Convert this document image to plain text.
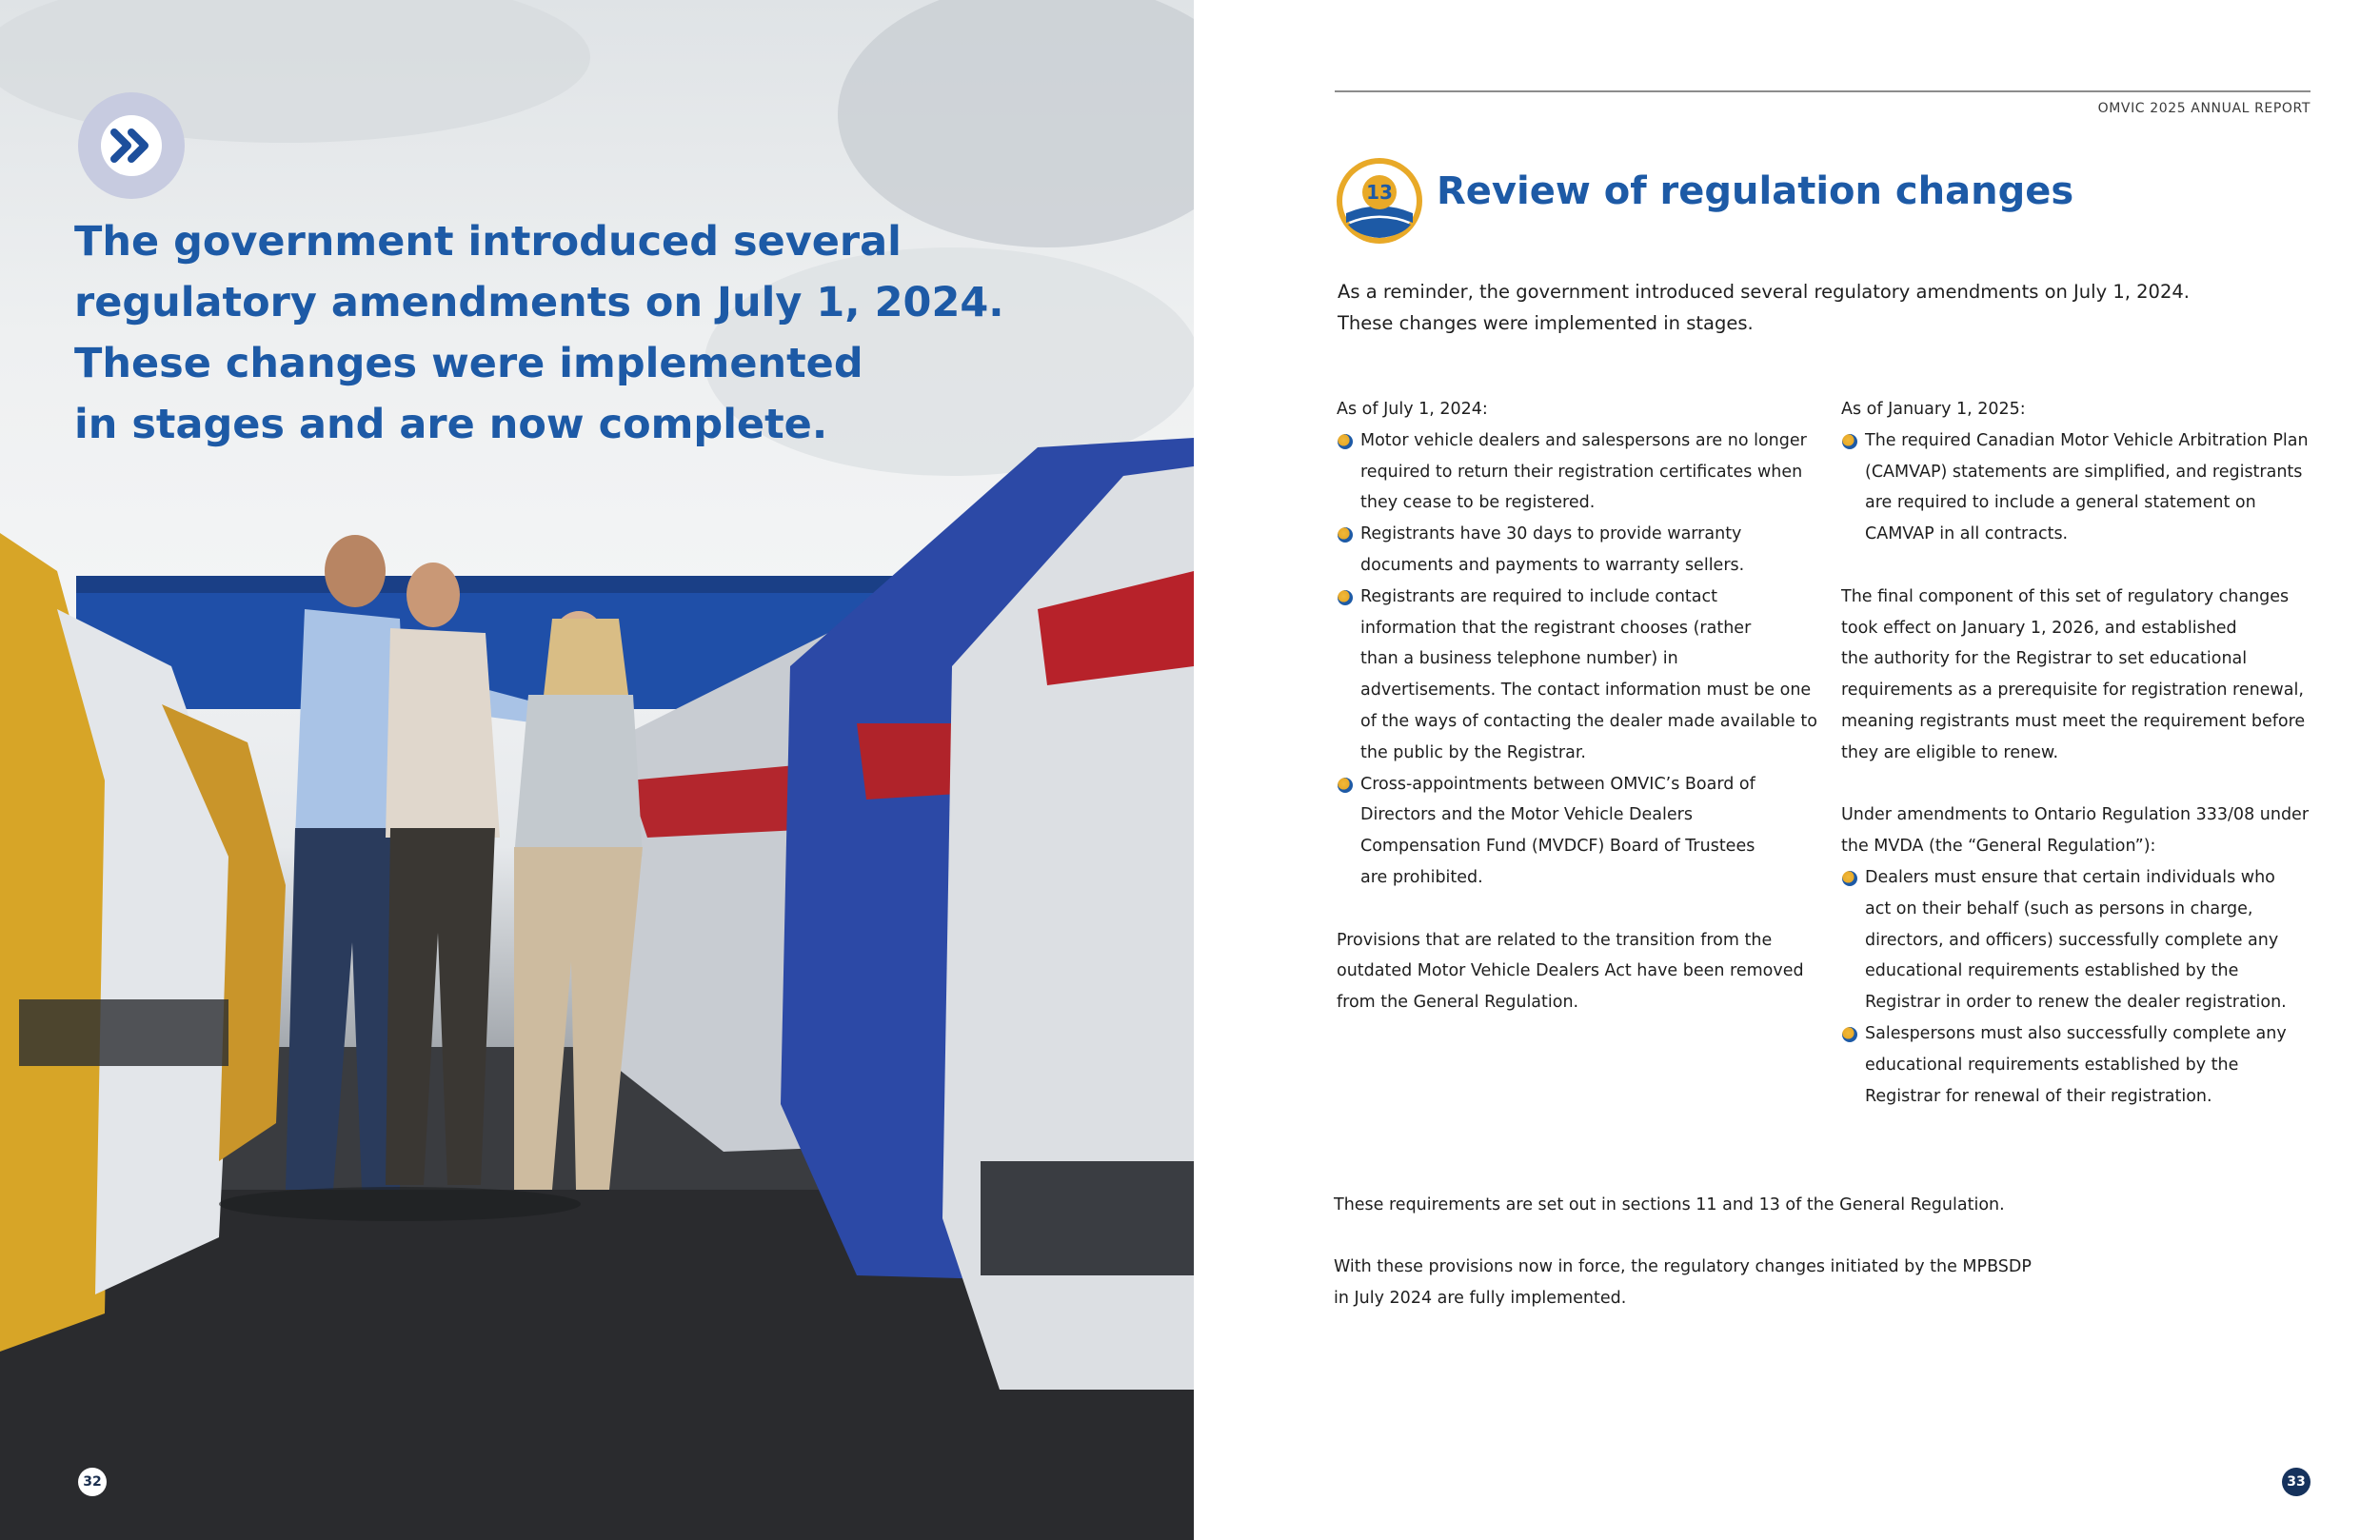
The government introduced several
regulatory amendments on July 1, 2024.
These changes were implemented
in stages and are now complete.
32
OMVIC 2025 ANNUAL REPORT
13 Review of regulation changes

As a reminder, the government introduced several regulatory amendments on July 1, 2024.

These changes were implemented in stages.

As of July 1, 2024:

Motor vehicle dealers and salespersons are no longer
required to return their registration certificates when
they cease to be registered.
Registrants have 30 days to provide warranty
documents and payments to warranty sellers.
Registrants are required to include contact
information that the registrant chooses (rather
than a business telephone number) in
advertisements. The contact information must be one
of the ways of contacting the dealer made available to
the public by the Registrar.
Cross-appointments between OMVIC’s Board of
Directors and the Motor Vehicle Dealers
Compensation Fund (MVDCF) Board of Trustees
are prohibited.

Provisions that are related to the transition from the

outdated Motor Vehicle Dealers Act have been removed

from the General Regulation.

As of January 1, 2025:

The required Canadian Motor Vehicle Arbitration Plan
(CAMVAP) statements are simplified, and registrants
are required to include a general statement on
CAMVAP in all contracts.

The final component of this set of regulatory changes

took effect on January 1, 2026, and established

the authority for the Registrar to set educational

requirements as a prerequisite for registration renewal,

meaning registrants must meet the requirement before

they are eligible to renew.

Under amendments to Ontario Regulation 333/08 under

the MVDA (the “General Regulation”):

Dealers must ensure that certain individuals who
act on their behalf (such as persons in charge,
directors, and officers) successfully complete any
educational requirements established by the
Registrar in order to renew the dealer registration.
Salespersons must also successfully complete any
educational requirements established by the
Registrar for renewal of their registration.
These requirements are set out in sections 11 and 13 of the General Regulation.
With these provisions now in force, the regulatory changes initiated by the MPBSDP
in July 2024 are fully implemented.
33
